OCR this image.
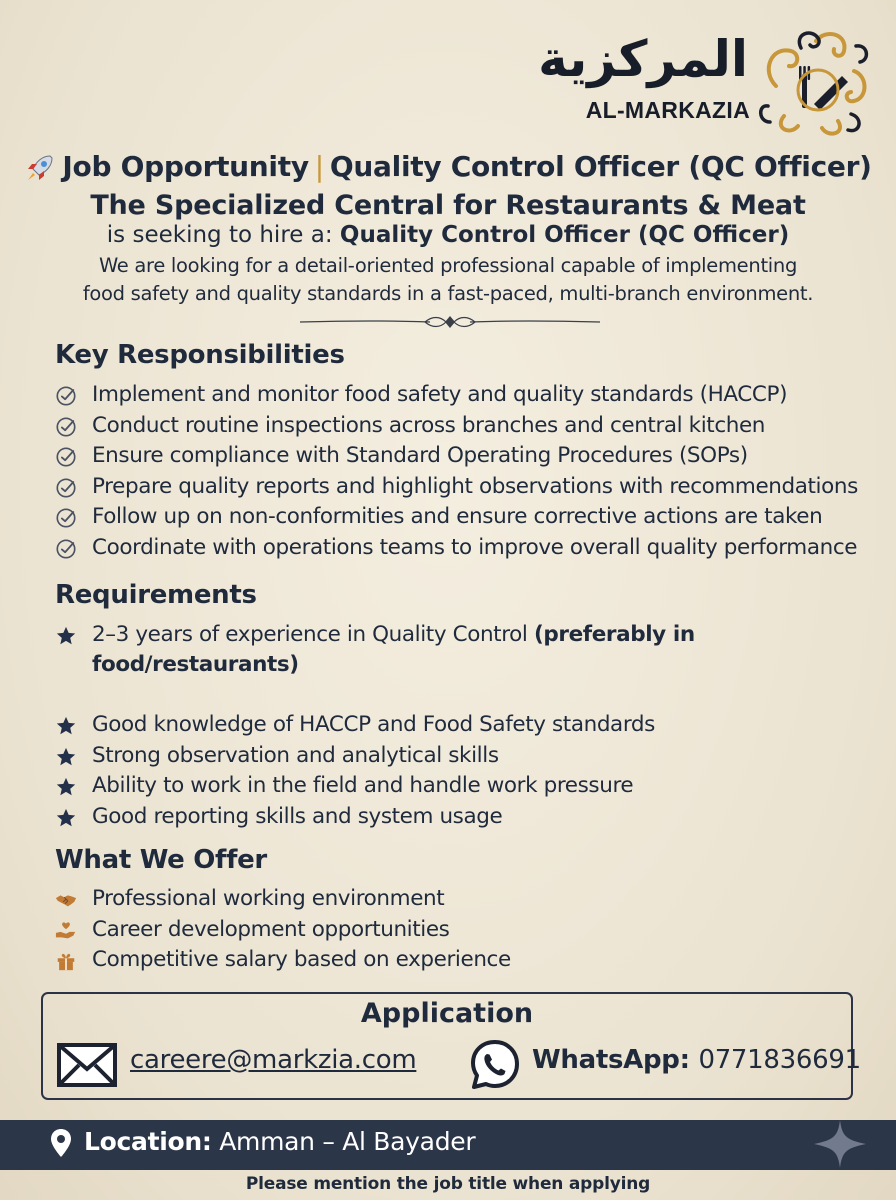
المركزية
AL-MARKAZIA
Job Opportunity | Quality Control Officer (QC Officer)
The Specialized Central for Restaurants & Meat
is seeking to hire a: Quality Control Officer (QC Officer)
We are looking for a detail-oriented professional capable of implementing
food safety and quality standards in a fast-paced, multi-branch environment.
Key Responsibilities
Implement and monitor food safety and quality standards (HACCP)
Conduct routine inspections across branches and central kitchen
Ensure compliance with Standard Operating Procedures (SOPs)
Prepare quality reports and highlight observations with recommendations
Follow up on non-conformities and ensure corrective actions are taken
Coordinate with operations teams to improve overall quality performance
Requirements
2–3 years of experience in Quality Control (preferably in food/restaurants)
Good knowledge of HACCP and Food Safety standards
Strong observation and analytical skills
Ability to work in the field and handle work pressure
Good reporting skills and system usage
What We Offer
Professional working environment
Career development opportunities
Competitive salary based on experience
Application
careere@markzia.com	WhatsApp: 0771836691
Location: Amman – Al Bayader
Please mention the job title when applying
